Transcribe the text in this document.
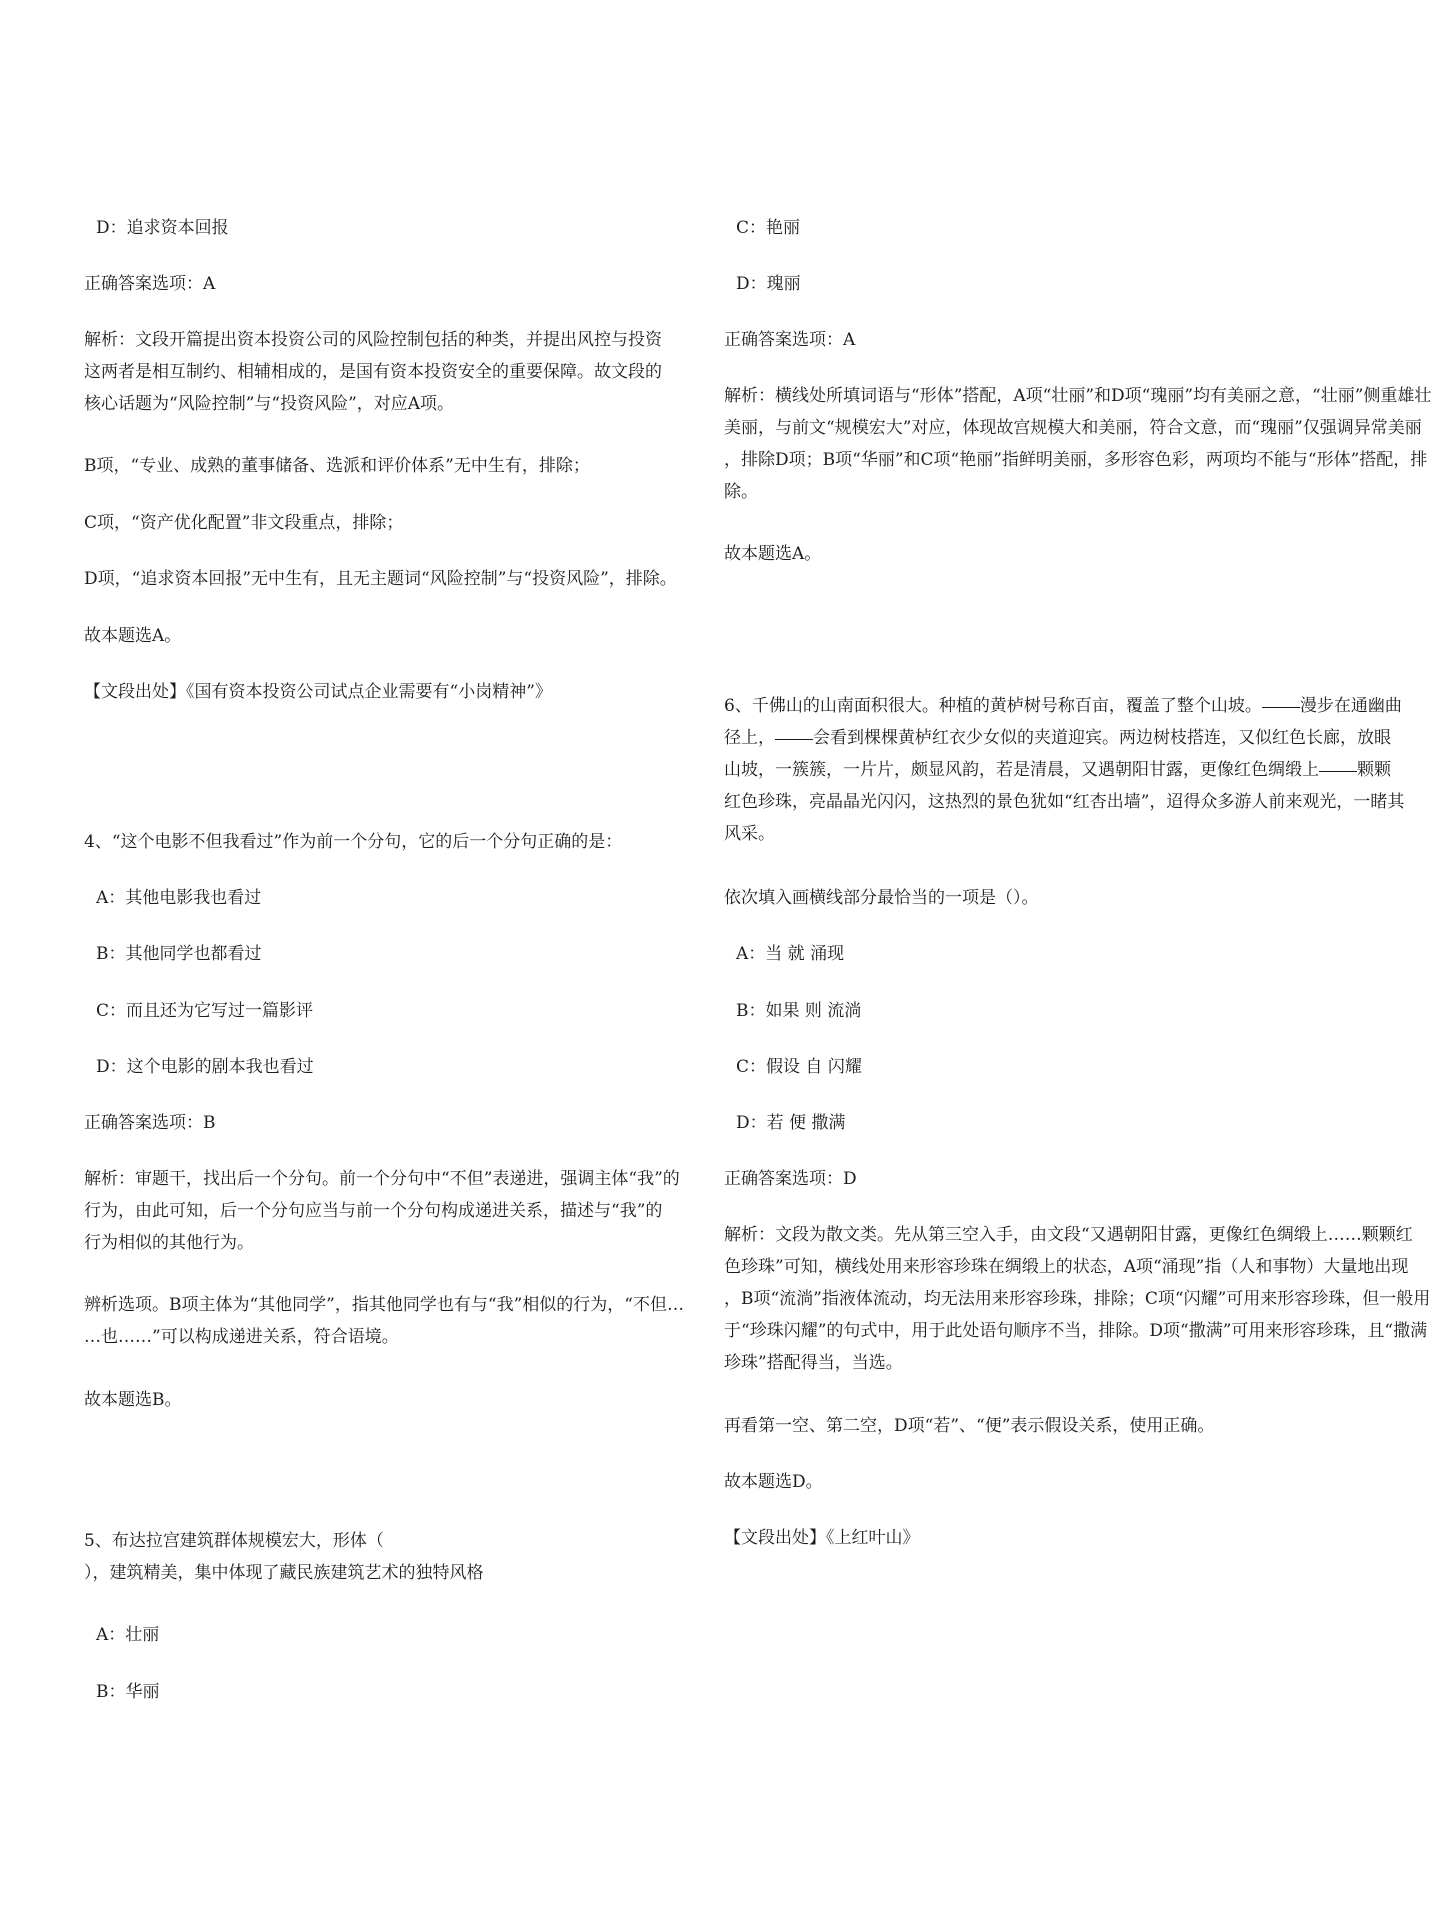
D：追求资本回报
正确答案选项：A
解析：文段开篇提出资本投资公司的风险控制包括的种类，并提出风控与投资
这两者是相互制约、相辅相成的，是国有资本投资安全的重要保障。故文段的
核心话题为“风险控制”与“投资风险”，对应A项。
B项，“专业、成熟的董事储备、选派和评价体系”无中生有，排除；
C项，“资产优化配置”非文段重点，排除；
D项，“追求资本回报”无中生有，且无主题词“风险控制”与“投资风险”，排除。
故本题选A。
【文段出处】《国有资本投资公司试点企业需要有“小岗精神”》
4、“这个电影不但我看过”作为前一个分句，它的后一个分句正确的是：
A：其他电影我也看过
B：其他同学也都看过
C：而且还为它写过一篇影评
D：这个电影的剧本我也看过
正确答案选项：B
解析：审题干，找出后一个分句。前一个分句中“不但”表递进，强调主体“我”的
行为，由此可知，后一个分句应当与前一个分句构成递进关系，描述与“我”的
行为相似的其他行为。
辨析选项。B项主体为“其他同学”，指其他同学也有与“我”相似的行为，“不但…
…也……”可以构成递进关系，符合语境。
故本题选B。
5、布达拉宫建筑群体规模宏大，形体（
），建筑精美，集中体现了藏民族建筑艺术的独特风格
A：壮丽
B：华丽
C：艳丽
D：瑰丽
正确答案选项：A
解析：横线处所填词语与“形体”搭配，A项“壮丽”和D项“瑰丽”均有美丽之意，“壮丽”侧重雄壮
美丽，与前文“规模宏大”对应，体现故宫规模大和美丽，符合文意，而“瑰丽”仅强调异常美丽
，排除D项；B项“华丽”和C项“艳丽”指鲜明美丽，多形容色彩，两项均不能与“形体”搭配，排
除。
故本题选A。
6、千佛山的山南面积很大。种植的黄栌树号称百亩，覆盖了整个山坡。 漫步在通幽曲
径上， 会看到棵棵黄栌红衣少女似的夹道迎宾。两边树枝搭连，又似红色长廊，放眼
山坡，一簇簇，一片片，颇显风韵，若是清晨，又遇朝阳甘露，更像红色绸缎上 颗颗
红色珍珠，亮晶晶光闪闪，这热烈的景色犹如“红杏出墙”，迢得众多游人前来观光，一睹其
风采。
依次填入画横线部分最恰当的一项是（）。
A：当 就 涌现
B：如果 则 流淌
C：假设 自 闪耀
D：若 便 撒满
正确答案选项：D
解析：文段为散文类。先从第三空入手，由文段“又遇朝阳甘露，更像红色绸缎上……颗颗红
色珍珠”可知，横线处用来形容珍珠在绸缎上的状态，A项“涌现”指（人和事物）大量地出现
，B项“流淌”指液体流动，均无法用来形容珍珠，排除；C项“闪耀”可用来形容珍珠，但一般用
于“珍珠闪耀”的句式中，用于此处语句顺序不当，排除。D项“撒满”可用来形容珍珠，且“撒满
珍珠”搭配得当，当选。
再看第一空、第二空，D项“若”、“便”表示假设关系，使用正确。
故本题选D。
【文段出处】《上红叶山》
